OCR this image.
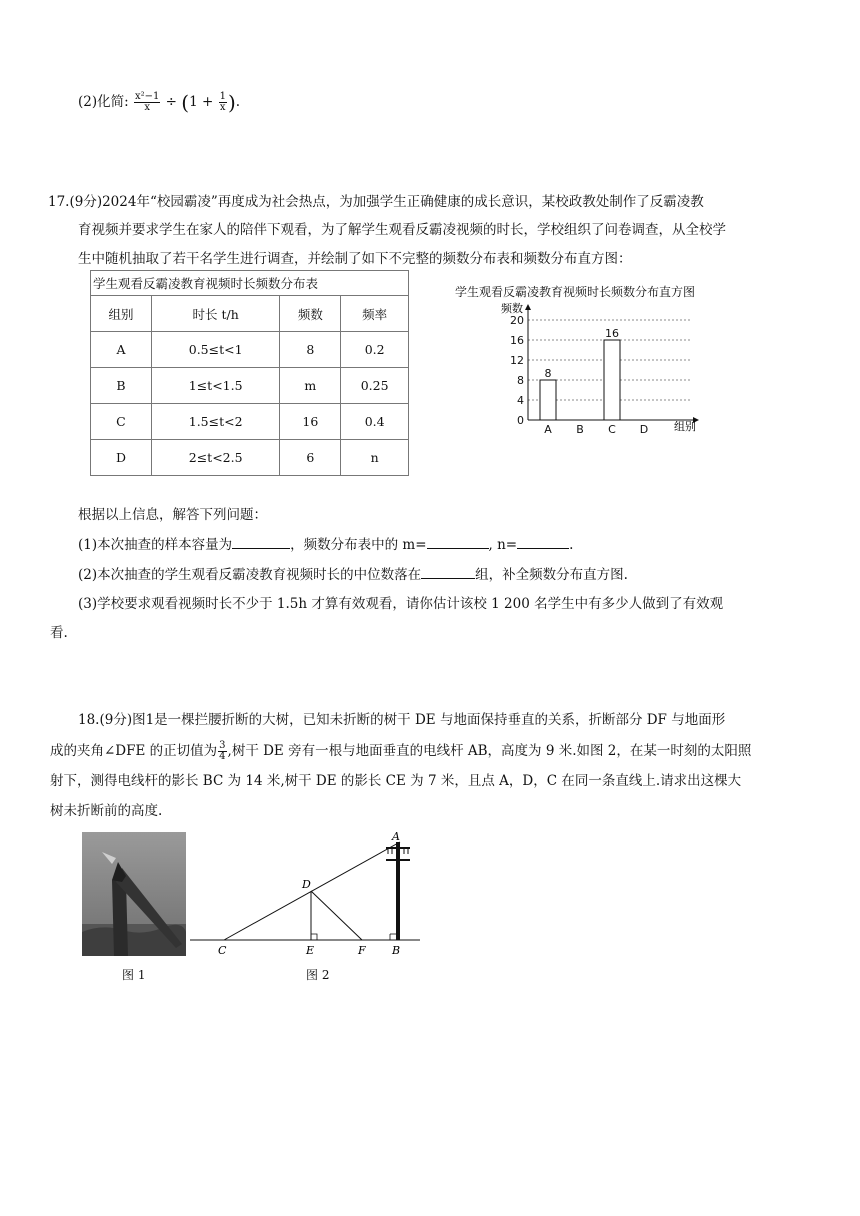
(2)化简: $\frac{\text{x²−1}}{x} \div (1 + \frac{1}{x}$ ).
17.(9分)2024年“校园霸凌”再度成为社会热点，为加强学生正确健康的成长意识，某校政教处制作了反霸凌教
育视频并要求学生在家人的陪伴下观看，为了解学生观看反霸凌视频的时长，学校组织了问卷调查，从全校学
生中随机抽取了若干名学生进行调查，并绘制了如下不完整的频数分布表和频数分布直方图：
学生观看反霸凌教育视频时长频数分布表			
组别	时长 t/h	频数	频率
A	0.5≤t<1	8	0.2
B	1≤t<1.5	m	0.25
C	1.5≤t<2	16	0.4
D	2≤t<2.5	6	n
学生观看反霸凌教育视频时长频数分布直方图
0
4
8
12
16
20
8
A B
16
C D
频数
组别
根据以上信息，解答下列问题：
(1)本次抽查的样本容量为	，频数分布表中的 m=	, n=	.
(2)本次抽查的学生观看反霸凌教育视频时长的中位数落在	组，补全频数分布直方图.
(3)学校要求观看视频时长不少于 1.5h 才算有效观看，请你估计该校 1 200 名学生中有多少人做到了有效观
看.
18.(9分)图1是一棵拦腰折断的大树，已知未折断的树干 DE 与地面保持垂直的关系，折断部分 DF 与地面形
成的夹角∠DFE 的正切值为 $\frac{3}{4}$ ,树干 DE 旁有一根与地面垂直的电线杆 AB，高度为 9 米.如图 2，在某一时刻的太阳照
射下，测得电线杆的影长 BC 为 14 米,树干 DE 的影长 CE 为 7 米，且点 A，D，C 在同一条直线上.请求出这棵大
树未折断前的高度.
图 1
A
B
C
D
E	F
图 2
